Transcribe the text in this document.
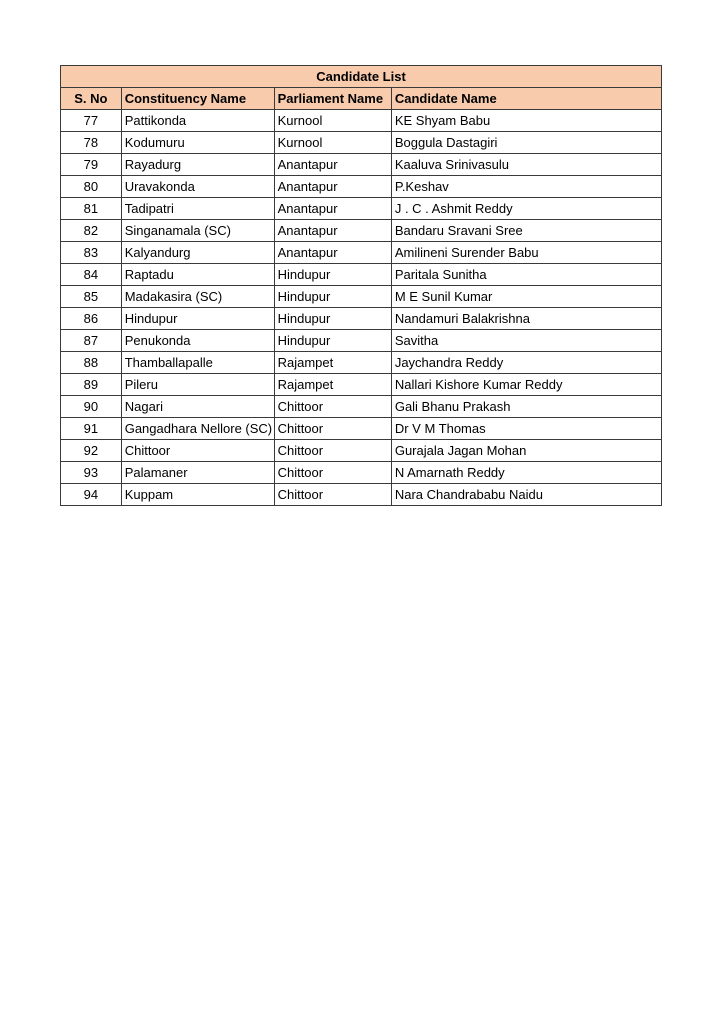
Candidate List			
S. No	Constituency Name	Parliament Name	Candidate Name
77	Pattikonda	Kurnool	KE Shyam Babu
78	Kodumuru	Kurnool	Boggula Dastagiri
79	Rayadurg	Anantapur	Kaaluva Srinivasulu
80	Uravakonda	Anantapur	P.Keshav
81	Tadipatri	Anantapur	J . C . Ashmit Reddy
82	Singanamala (SC)	Anantapur	Bandaru Sravani Sree
83	Kalyandurg	Anantapur	Amilineni Surender Babu
84	Raptadu	Hindupur	Paritala Sunitha
85	Madakasira (SC)	Hindupur	M E Sunil Kumar
86	Hindupur	Hindupur	Nandamuri Balakrishna
87	Penukonda	Hindupur	Savitha
88	Thamballapalle	Rajampet	Jaychandra Reddy
89	Pileru	Rajampet	Nallari Kishore Kumar Reddy
90	Nagari	Chittoor	Gali Bhanu Prakash
91	Gangadhara Nellore (SC)	Chittoor	Dr V M Thomas
92	Chittoor	Chittoor	Gurajala Jagan Mohan
93	Palamaner	Chittoor	N Amarnath Reddy
94	Kuppam	Chittoor	Nara Chandrababu Naidu
